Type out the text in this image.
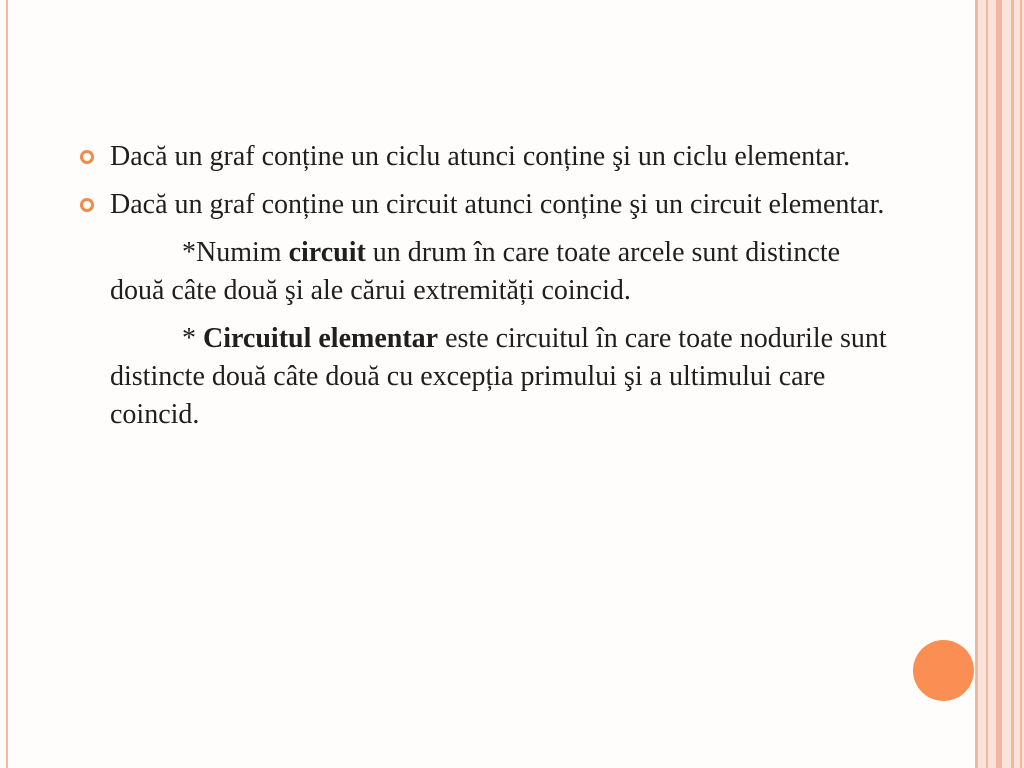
Dacă un graf conține un ciclu atunci conține şi un ciclu elementar.
Dacă un graf conține un circuit atunci conține şi un circuit elementar.
*Numim circuit un drum în care toate arcele sunt distincte două câte două şi ale cărui extremități coincid.
* Circuitul elementar este circuitul în care toate nodurile sunt distincte două câte două cu excepția primului şi a ultimului care coincid.
